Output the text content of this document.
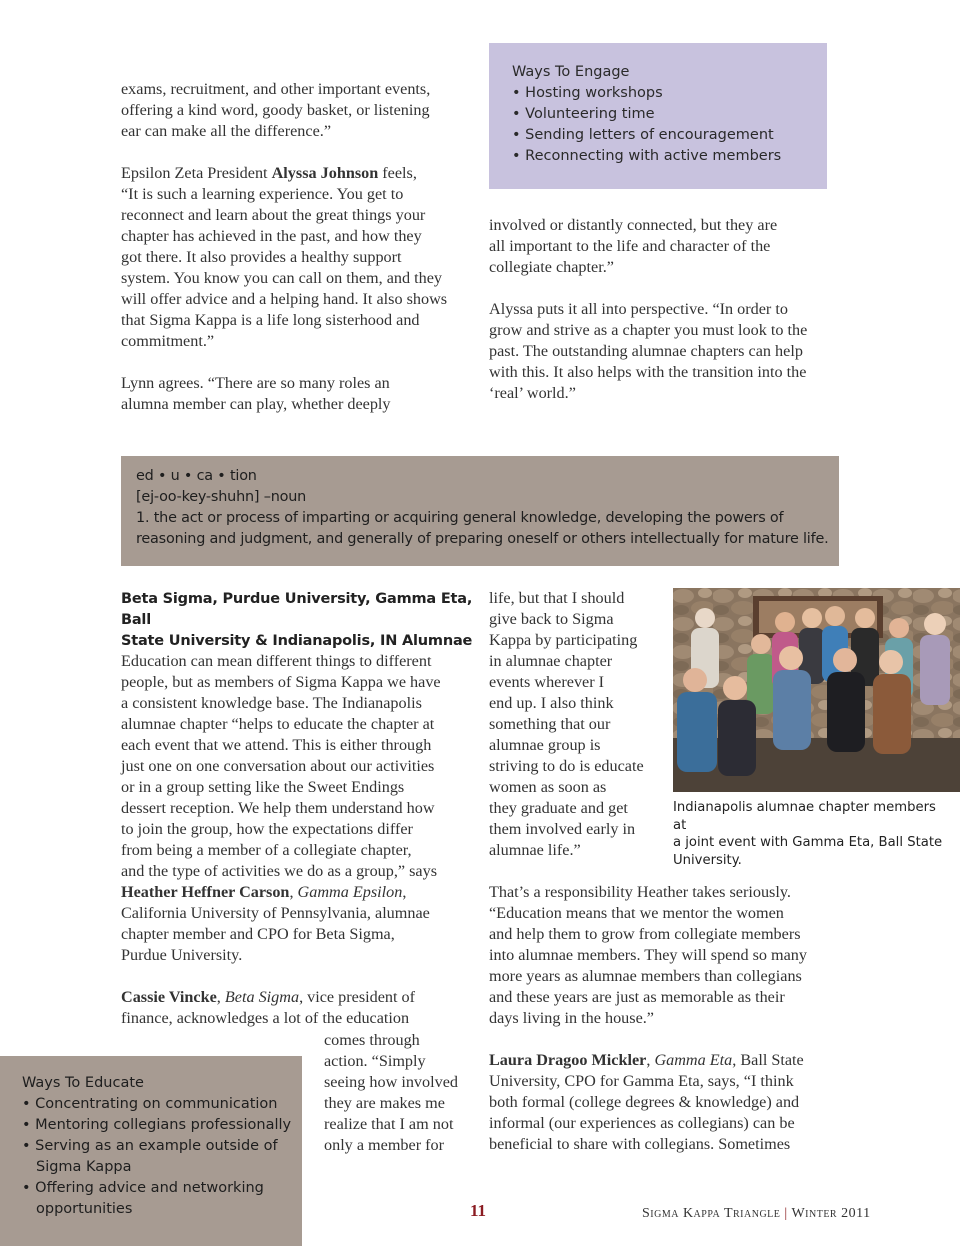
exams, recruitment, and other important events,
offering a kind word, goody basket, or listening
ear can make all the difference.”

Epsilon Zeta President Alyssa Johnson feels,
“It is such a learning experience. You get to
reconnect and learn about the great things your
chapter has achieved in the past, and how they
got there. It also provides a healthy support
system. You know you can call on them, and they
will offer advice and a helping hand. It also shows
that Sigma Kappa is a life long sisterhood and
commitment.”

Lynn agrees. “There are so many roles an
alumna member can play, whether deeply

Ways To Engage
• Hosting workshops
• Volunteering time
• Sending letters of encouragement
• Reconnecting with active members

involved or distantly connected, but they are
all important to the life and character of the
collegiate chapter.”

Alyssa puts it all into perspective. “In order to
grow and strive as a chapter you must look to the
past. The outstanding alumnae chapters can help
with this. It also helps with the transition into the
‘real’ world.”

ed • u • ca • tion
[ej-oo-key-shuhn] –noun
1. the act or process of imparting or acquiring general knowledge, developing the powers of
reasoning and judgment, and generally of preparing oneself or others intellectually for mature life.
Beta Sigma, Purdue University, Gamma Eta, Ball
State University & Indianapolis, IN Alumnae

Education can mean different things to different
people, but as members of Sigma Kappa we have
a consistent knowledge base. The Indianapolis
alumnae chapter “helps to educate the chapter at
each event that we attend. This is either through
just one on one conversation about our activities
or in a group setting like the Sweet Endings
dessert reception. We help them understand how
to join the group, how the expectations differ
from being a member of a collegiate chapter,
and the type of activities we do as a group,” says
Heather Heffner Carson, Gamma Epsilon,
California University of Pennsylvania, alumnae
chapter member and CPO for Beta Sigma,
Purdue University.

Cassie Vincke, Beta Sigma, vice president of
finance, acknowledges a lot of the education

comes through
action. “Simply
seeing how involved
they are makes me
realize that I am not
only a member for
Ways To Educate
• Concentrating on communication
• Mentoring collegians professionally
• Serving as an example outside of
Sigma Kappa
• Offering advice and networking
opportunities
life, but that I should
give back to Sigma
Kappa by participating
in alumnae chapter
events wherever I
end up. I also think
something that our
alumnae group is
striving to do is educate
women as soon as
they graduate and get
them involved early in
alumnae life.”
Indianapolis alumnae chapter members at
a joint event with Gamma Eta, Ball State
University.

That’s a responsibility Heather takes seriously.
“Education means that we mentor the women
and help them to grow from collegiate members
into alumnae members. They will spend so many
more years as alumnae members than collegians
and these years are just as memorable as their
days living in the house.”

Laura Dragoo Mickler, Gamma Eta, Ball State
University, CPO for Gamma Eta, says, “I think
both formal (college degrees & knowledge) and
informal (our experiences as collegians) can be
beneficial to share with collegians. Sometimes

11	Sigma Kappa Triangle | Winter 2011
